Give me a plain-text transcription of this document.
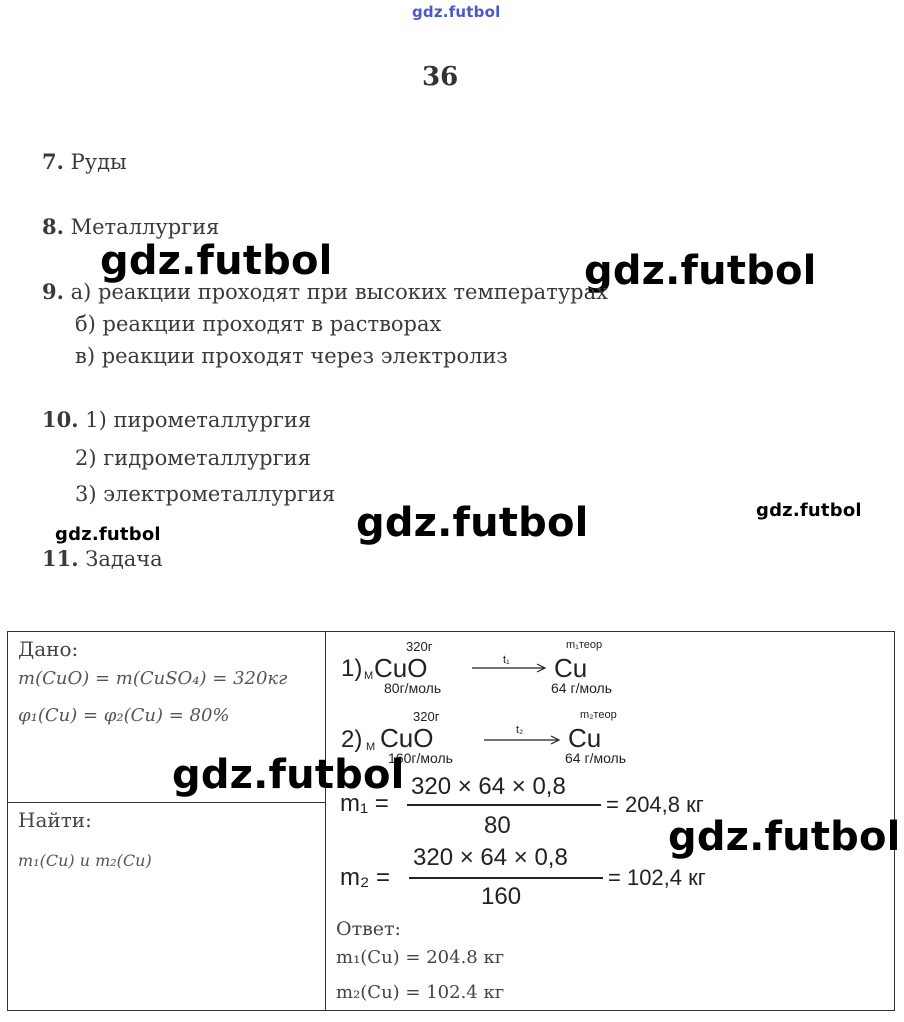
gdz.futbol
gdz.futbol	gdz.futbol
gdz.futbol	gdz.futbol	gdz.futbol
36
7. Руды
8. Металлургия
9. а) реакции проходят при высоких температурах
б) реакции проходят в растворах
в) реакции проходят через электролиз
10. 1) пирометаллургия
2) гидрометаллургия
3) электрометаллургия
11. Задача
Дано:
m(CuO) = m(CuSO₄) = 320кг
φ₁(Cu) = φ₂(Cu) = 80%
Найти:
m₁(Cu) и m₂(Cu)
320г	m₁теор
1) M CuO	t₁ Cu
80г/моль	64 г/моль
320г	m₂теор
2) M CuO	t₂ Cu
160г/моль	64 г/моль
m₁ =
320 × 64 × 0,8
80
= 204,8 кг
m₂ =
320 × 64 × 0,8
160
= 102,4 кг
Ответ:
m₁(Cu) = 204.8 кг
m₂(Cu) = 102.4 кг
gdz.futbol
gdz.futbol
